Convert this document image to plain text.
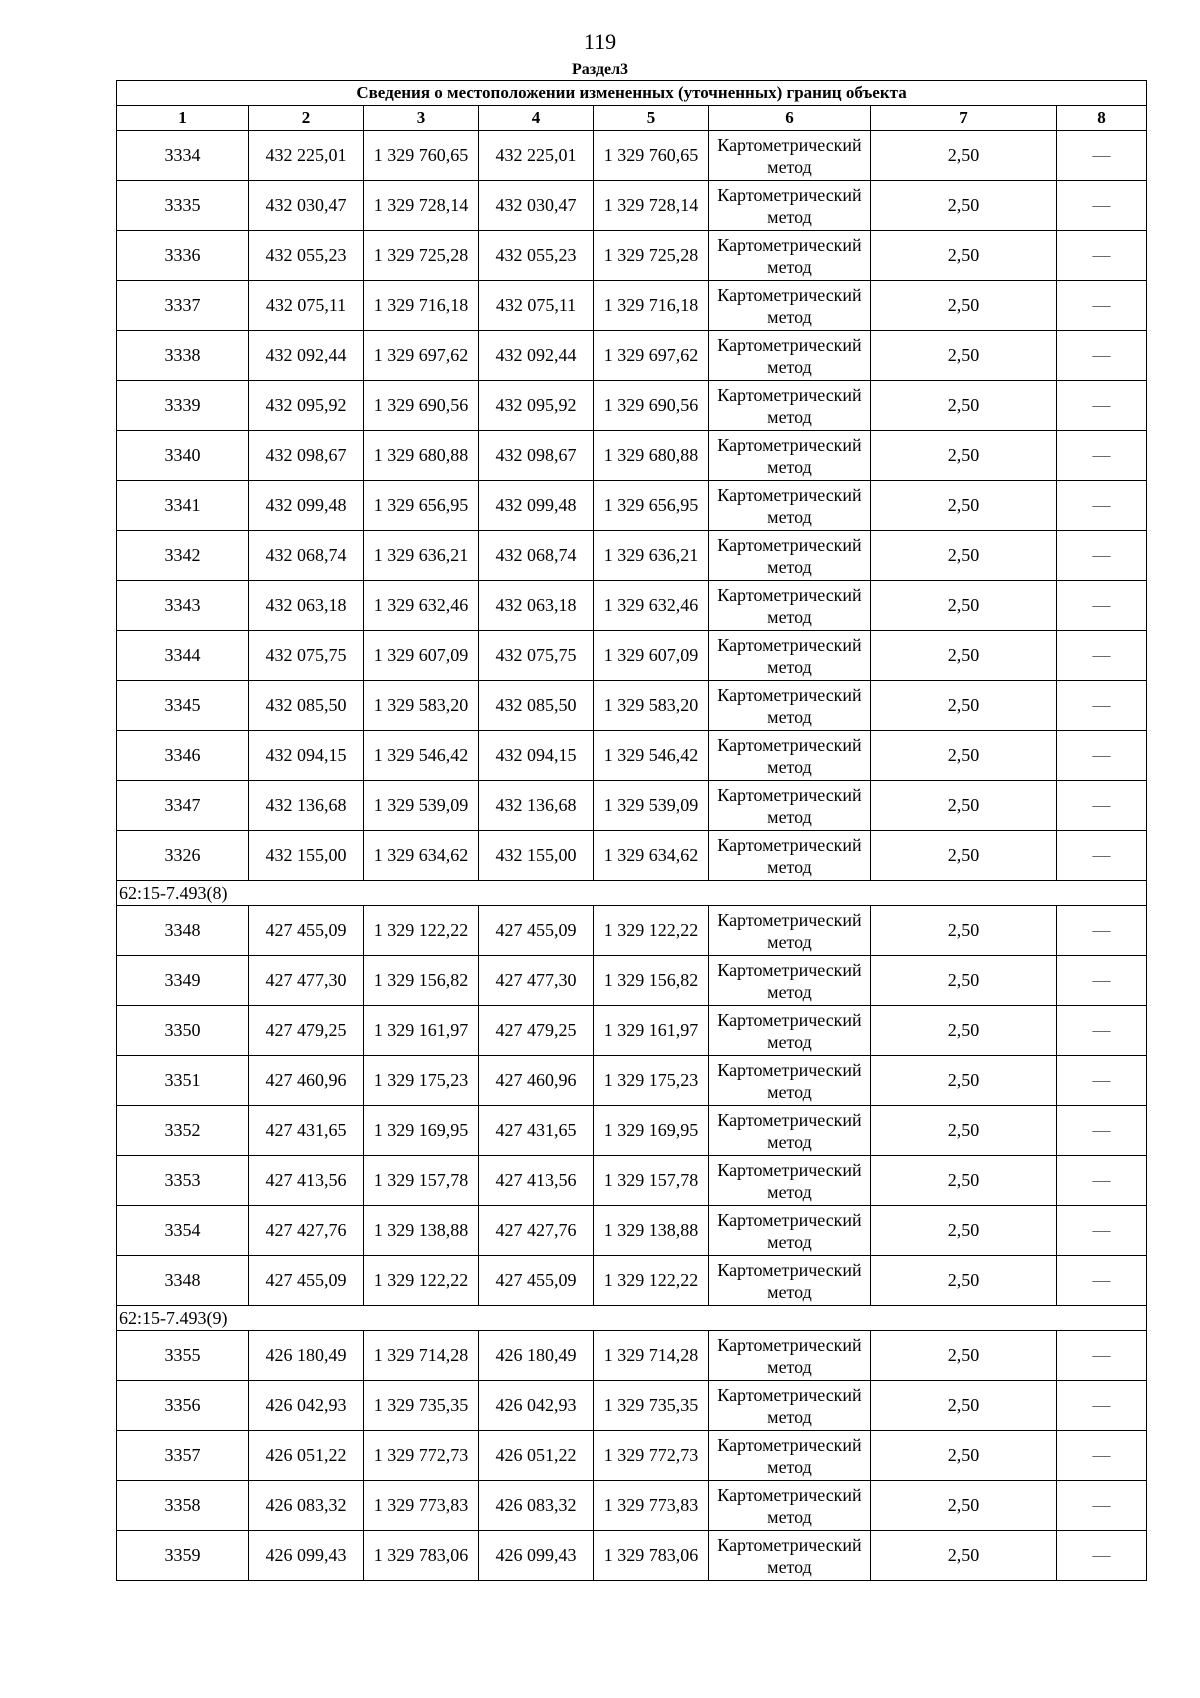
119
Раздел3
Сведения о местоположении измененных (уточненных) границ объекта							
1	2	3	4	5	6	7	8
3334	432 225,01	1 329 760,65	432 225,01	1 329 760,65	Картометрический метод	2,50	—
3335	432 030,47	1 329 728,14	432 030,47	1 329 728,14	Картометрический метод	2,50	—
3336	432 055,23	1 329 725,28	432 055,23	1 329 725,28	Картометрический метод	2,50	—
3337	432 075,11	1 329 716,18	432 075,11	1 329 716,18	Картометрический метод	2,50	—
3338	432 092,44	1 329 697,62	432 092,44	1 329 697,62	Картометрический метод	2,50	—
3339	432 095,92	1 329 690,56	432 095,92	1 329 690,56	Картометрический метод	2,50	—
3340	432 098,67	1 329 680,88	432 098,67	1 329 680,88	Картометрический метод	2,50	—
3341	432 099,48	1 329 656,95	432 099,48	1 329 656,95	Картометрический метод	2,50	—
3342	432 068,74	1 329 636,21	432 068,74	1 329 636,21	Картометрический метод	2,50	—
3343	432 063,18	1 329 632,46	432 063,18	1 329 632,46	Картометрический метод	2,50	—
3344	432 075,75	1 329 607,09	432 075,75	1 329 607,09	Картометрический метод	2,50	—
3345	432 085,50	1 329 583,20	432 085,50	1 329 583,20	Картометрический метод	2,50	—
3346	432 094,15	1 329 546,42	432 094,15	1 329 546,42	Картометрический метод	2,50	—
3347	432 136,68	1 329 539,09	432 136,68	1 329 539,09	Картометрический метод	2,50	—
3326	432 155,00	1 329 634,62	432 155,00	1 329 634,62	Картометрический метод	2,50	—
62:15-7.493(8)							
3348	427 455,09	1 329 122,22	427 455,09	1 329 122,22	Картометрический метод	2,50	—
3349	427 477,30	1 329 156,82	427 477,30	1 329 156,82	Картометрический метод	2,50	—
3350	427 479,25	1 329 161,97	427 479,25	1 329 161,97	Картометрический метод	2,50	—
3351	427 460,96	1 329 175,23	427 460,96	1 329 175,23	Картометрический метод	2,50	—
3352	427 431,65	1 329 169,95	427 431,65	1 329 169,95	Картометрический метод	2,50	—
3353	427 413,56	1 329 157,78	427 413,56	1 329 157,78	Картометрический метод	2,50	—
3354	427 427,76	1 329 138,88	427 427,76	1 329 138,88	Картометрический метод	2,50	—
3348	427 455,09	1 329 122,22	427 455,09	1 329 122,22	Картометрический метод	2,50	—
62:15-7.493(9)							
3355	426 180,49	1 329 714,28	426 180,49	1 329 714,28	Картометрический метод	2,50	—
3356	426 042,93	1 329 735,35	426 042,93	1 329 735,35	Картометрический метод	2,50	—
3357	426 051,22	1 329 772,73	426 051,22	1 329 772,73	Картометрический метод	2,50	—
3358	426 083,32	1 329 773,83	426 083,32	1 329 773,83	Картометрический метод	2,50	—
3359	426 099,43	1 329 783,06	426 099,43	1 329 783,06	Картометрический метод	2,50	—
